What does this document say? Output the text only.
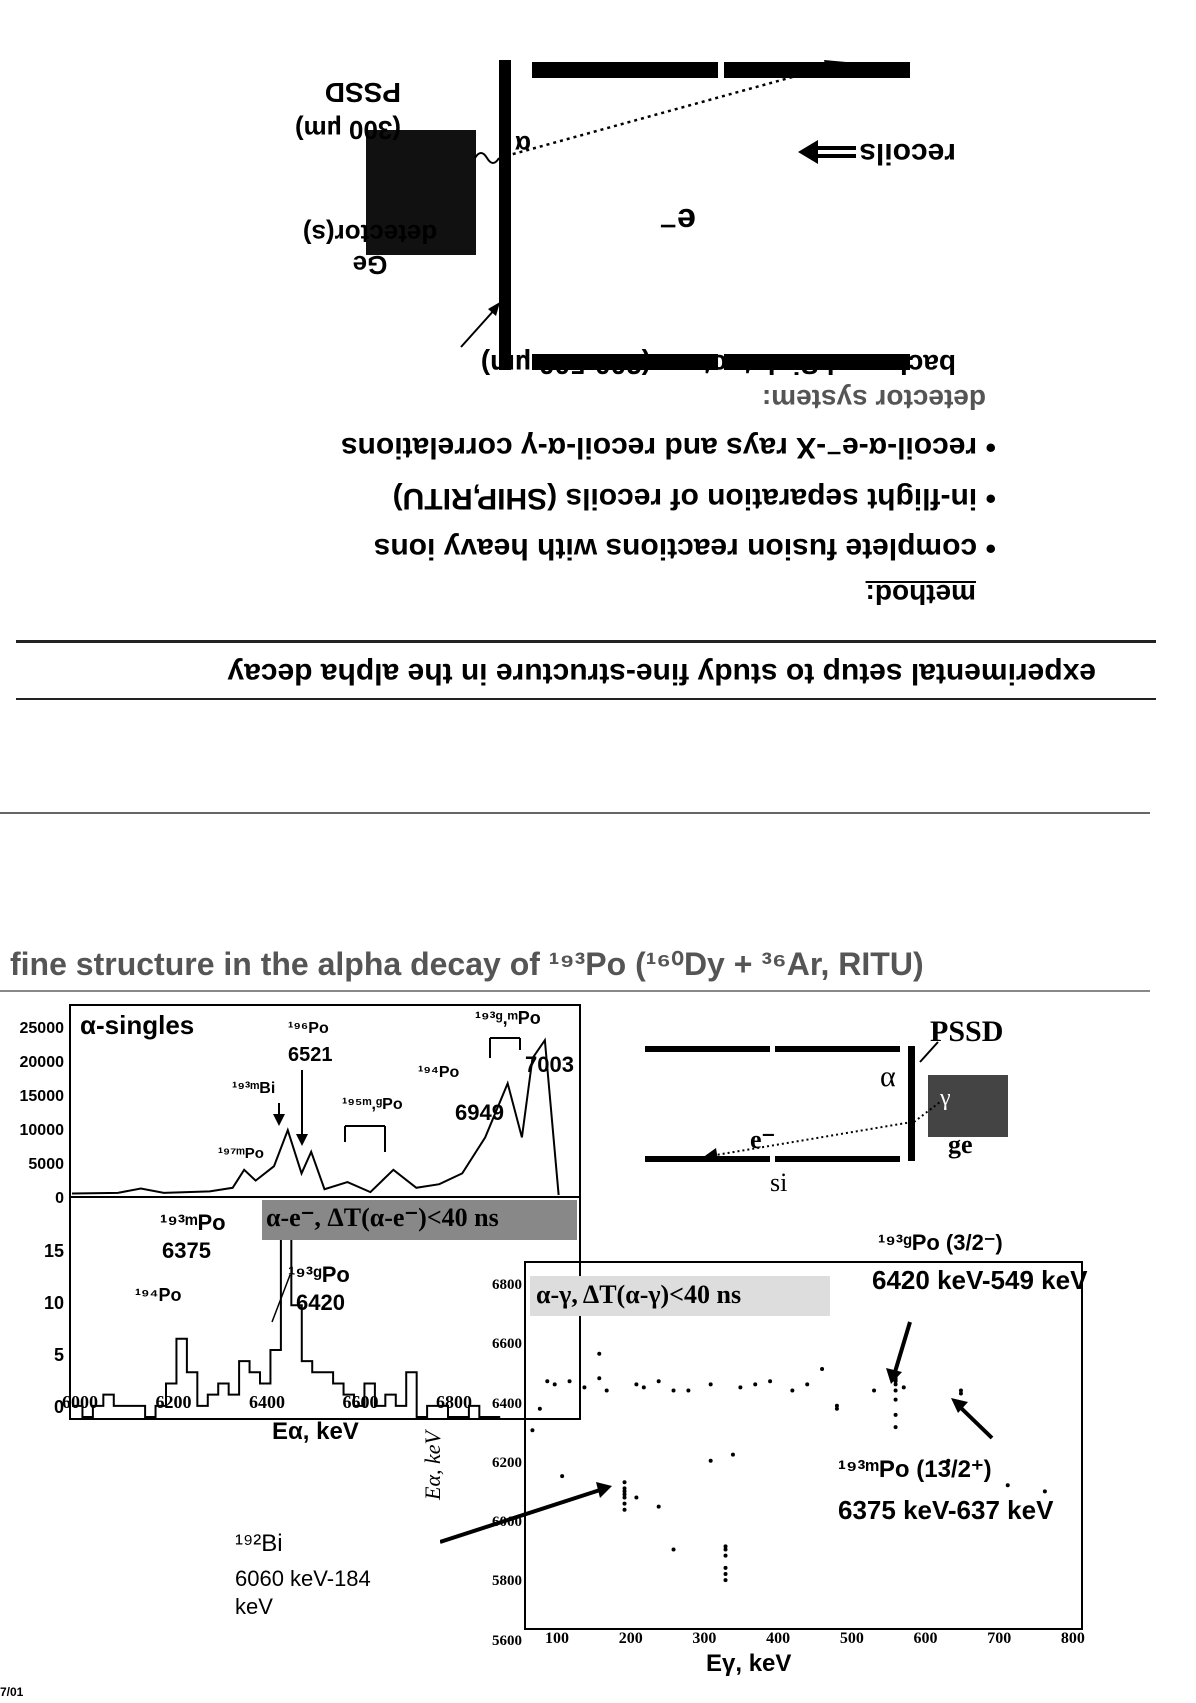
experimental setup to study fine-structure in the alpha decay
method:
• complete fusion reactions with heavy ions
• in-flight separation of recoils (SHIP,RITU)
• recoil-α-e⁻-X rays and recoil-α-γ correlations
detector system:
backward Si detectors (300-500 µm)
Ge detector(s)	e⁻
recoils
α
PSSD
(300 µm)
fine structure in the alpha decay of ¹⁹³Po (¹⁶⁰Dy + ³⁶Ar, RITU)
α-singles
25000
20000
15000
10000
5000
0
¹⁹⁷ᵐPo
¹⁹³ᵐBi
¹⁹⁶Po
6521
¹⁹⁵ᵐ,ᵍPo
¹⁹⁴Po
6949
¹⁹³ᵍ,ᵐPo
7003
α-e⁻, ΔT(α-e⁻)<40 ns
15
10
5
0
¹⁹³ᵐPo
6375
¹⁹⁴Po
¹⁹³ᵍPo
6420
6000	6200	6400	6600	6800
Eα, keV
PSSD
α
γ
ge
e⁻
si
α-γ, ΔT(α-γ)<40 ns
6800
6600
6400
6200
6000
5800
5600
Eα, keV
100	200	300	400	500	600	700	800
Eγ, keV
¹⁹³ᵍPo (3/2⁻)
6420 keV-549 keV
¹⁹³ᵐPo (13/2⁺)
6375 keV-637 keV
¹⁹²Bi
6060 keV-184 keV
7/01
